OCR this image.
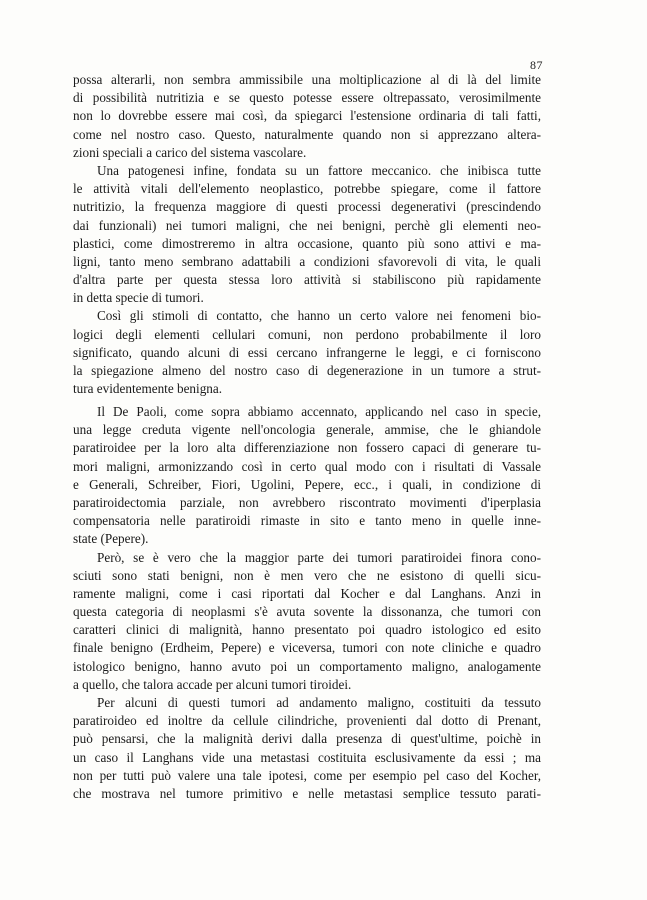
87
possa alterarli, non sembra ammissibile una moltiplicazione al di là del limite
di possibilità nutritizia e se questo potesse essere oltrepassato, verosimilmente
non lo dovrebbe essere mai così, da spiegarci l'estensione ordinaria di tali fatti,
come nel nostro caso. Questo, naturalmente quando non si apprezzano altera-
zioni speciali a carico del sistema vascolare.
Una patogenesi infine, fondata su un fattore meccanico. che inibisca tutte
le attività vitali dell'elemento neoplastico, potrebbe spiegare, come il fattore
nutritizio, la frequenza maggiore di questi processi degenerativi (prescindendo
dai funzionali) nei tumori maligni, che nei benigni, perchè gli elementi neo-
plastici, come dimostreremo in altra occasione, quanto più sono attivi e ma-
ligni, tanto meno sembrano adattabili a condizioni sfavorevoli di vita, le quali
d'altra parte per questa stessa loro attività si stabiliscono più rapidamente
in detta specie di tumori.
Così gli stimoli di contatto, che hanno un certo valore nei fenomeni bio-
logici degli elementi cellulari comuni, non perdono probabilmente il loro
significato, quando alcuni di essi cercano infrangerne le leggi, e ci forniscono
la spiegazione almeno del nostro caso di degenerazione in un tumore a strut-
tura evidentemente benigna.
Il De Paoli, come sopra abbiamo accennato, applicando nel caso in specie,
una legge creduta vigente nell'oncologia generale, ammise, che le ghiandole
paratiroidee per la loro alta differenziazione non fossero capaci di generare tu-
mori maligni, armonizzando così in certo qual modo con i risultati di Vassale
e Generali, Schreiber, Fiori, Ugolini, Pepere, ecc., i quali, in condizione di
paratiroidectomia parziale, non avrebbero riscontrato movimenti d'iperplasia
compensatoria nelle paratiroidi rimaste in sito e tanto meno in quelle inne-
state (Pepere).
Però, se è vero che la maggior parte dei tumori paratiroidei finora cono-
sciuti sono stati benigni, non è men vero che ne esistono di quelli sicu-
ramente maligni, come i casi riportati dal Kocher e dal Langhans. Anzi in
questa categoria di neoplasmi s'è avuta sovente la dissonanza, che tumori con
caratteri clinici di malignità, hanno presentato poi quadro istologico ed esito
finale benigno (Erdheim, Pepere) e viceversa, tumori con note cliniche e quadro
istologico benigno, hanno avuto poi un comportamento maligno, analogamente
a quello, che talora accade per alcuni tumori tiroidei.
Per alcuni di questi tumori ad andamento maligno, costituiti da tessuto
paratiroideo ed inoltre da cellule cilindriche, provenienti dal dotto di Prenant,
può pensarsi, che la malignità derivi dalla presenza di quest'ultime, poichè in
un caso il Langhans vide una metastasi costituita esclusivamente da essi ; ma
non per tutti può valere una tale ipotesi, come per esempio pel caso del Kocher,
che mostrava nel tumore primitivo e nelle metastasi semplice tessuto parati-
